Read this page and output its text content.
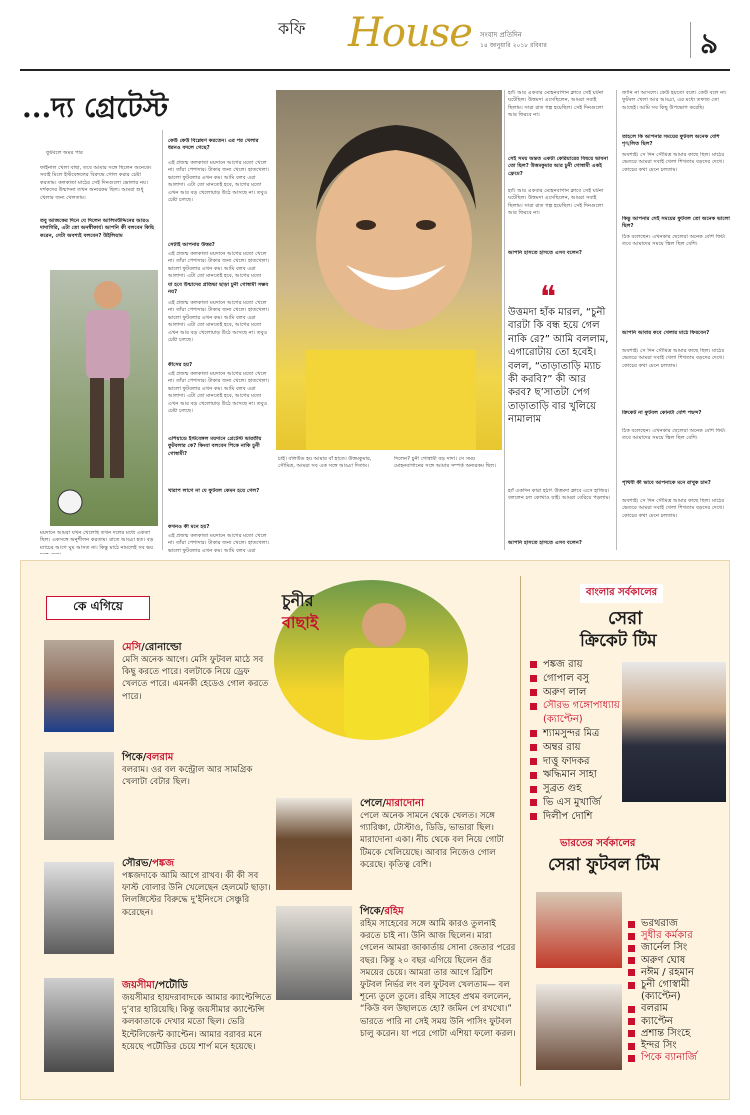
কফি House সংবাদ প্রতিদিন
১৪ জানুয়ারি ২০১৮ রবিবার	৯
...দ্য গ্রেটেস্ট
ফুটবলে অমর পার
তবু আজকের দিনে যে দিলেন আলিমউদ্দিনের আরও দাদাগিরি, এটা তো অনস্বীকার্য। আপনি কী বলবেন কিছি করেন, সেটা অবশ্যই বলবেন? উইলিয়াম
ফাইনাল খেলা বাছা, তবে আমার সঙ্গে ছিলেন অনেকে। সবাই মিলে ইস্টবেঙ্গলের বিরুদ্ধে গোল করার চেষ্টা করতাম। কলকাতা মাঠের সেই দিনগুলো ভোলার নয়। দর্শকদের উন্মাদনা তখন অন্যরকম ছিল। আমরা শুধু খেলার জন্য খেলতাম।
ময়দানে আমরা যখন খেলেছি তখন দলের মধ্যে একতা ছিল। একসঙ্গে অনুশীলন করতাম। রাতে আড্ডা হত। বড় ম্যাচের আগে ঘুম আসত না। কিন্তু মাঠে নামলেই সব ভয়
কেউ কেউ বিশ্লেষণ করতেন। এর পর খেলার ধরনও বদলে গেছে?
এই প্রজন্ম কলকাতা ময়দানে আগের মতো খেলে না। তাঁরা পেশাদার। টাকার জন্য খেলে। হাতখেলা। ভালো ফুটবলার এখন কম। আমি বলব এরা আলাদা। এটা তো মানতেই হবে, আগের মতো এখন আর বড় খেলোয়াড় উঠে আসছে না। তবুও চেষ্টা চলছে।
সেটাই আপনার উত্তর?
এই প্রজন্ম কলকাতা ময়দানে আগের মতো খেলে না। তাঁরা পেশাদার। টাকার জন্য খেলে। হাতখেলা। ভালো ফুটবলার এখন কম। আমি বলব এরা আলাদা। এটা তো মানতেই হবে, আগের মতো
যা হবে উন্মাদের প্রতিভা ছাড়া চুনী গোস্বামী সম্ভব নয়?
এই প্রজন্ম কলকাতা ময়দানে আগের মতো খেলে না। তাঁরা পেশাদার। টাকার জন্য খেলে। হাতখেলা। ভালো ফুটবলার এখন কম। আমি বলব এরা আলাদা। এটা তো মানতেই হবে, আগের মতো এখন আর বড় খেলোয়াড় উঠে আসছে না। তবুও চেষ্টা চলছে।
কীসের হয়?
এই প্রজন্ম কলকাতা ময়দানে আগের মতো খেলে না। তাঁরা পেশাদার। টাকার জন্য খেলে। হাতখেলা। ভালো ফুটবলার এখন কম। আমি বলব এরা আলাদা। এটা তো মানতেই হবে, আগের মতো এখন আর বড় খেলোয়াড় উঠে আসছে না। তবুও চেষ্টা চলছে।
এশিয়াডে ইস্টবেঙ্গল ময়দানে গ্রেটেস্ট ভারতীয় ফুটবলার কে? কিংবা বলবেন পিকে নাকি চুনী গোস্বামী?
খারাপ লাগে না যে ফুটবল কেমন হয়ে গেল?
কখনও কী মনে হয়?
এই প্রজন্ম কলকাতা ময়দানে আগের মতো খেলে না। তাঁরা পেশাদার। টাকার জন্য খেলে। হাতখেলা। ভালো ফুটবলার এখন কম। আমি বলব এরা
চাই। বলিউড হয় আমার বাঁ হাতে। উত্তমকুমার, সৌমিত্র, আমরা সব এক সঙ্গে আড্ডা দিতাম।
দিলেন? চুনী গোস্বামী বড় দাদা। সে সময় মোহনবাগানের সঙ্গে আমার সম্পর্ক অন্যরকম ছিল।
হ্যাঁ। আর একবার মোহনবাগান ক্লাবে সেই ঘটনা ঘটেছিল। উত্তমদা এসেছিলেন, আমরা সবাই ছিলাম। সারা রাত গল্প হয়েছিল। সেই দিনগুলো আর ফিরবে না।
সেই সময় অন্তত একটা কেরিয়ারের বিষয়ে ভাবনা তো ছিল? উত্তমকুমার আর চুনী গোস্বামী একই ফ্রেমে?
হ্যাঁ। আর একবার মোহনবাগান ক্লাবে সেই ঘটনা ঘটেছিল। উত্তমদা এসেছিলেন, আমরা সবাই ছিলাম। সারা রাত গল্প হয়েছিল। সেই দিনগুলো আর ফিরবে না।
আপনি হাসতে হাসতে এসব বলেন?
❝
উত্তমদা হাঁক মারল, “চুনী বারটা কি বন্ধ হয়ে গেল নাকি রে?” আমি বললাম, এগারোটায় তো হবেই। বলল, “তাড়াতাড়ি ম্যাচ কী করবি?” কী আর করব? ছ’সাতটা পেগ তাড়াতাড়ি বার খুলিয়ে নামালাম
হ্যাঁ একদিন কারা হঠাৎ উত্তমদা ক্লাবে এসে হাজির। বললেন চল কোথাও যাই। আমরা বেরিয়ে পড়লাম।
আপনি হাসতে হাসতে এসব বলেন?
জানি না আসলে। কেউ হয়তো বলে। কেউ বলে না। ফুটবল খেলা আর আড্ডা, এর মধ্যে তফাত তো আছেই। আমি সব কিছু উপভোগ করেছি।
তাহলে কি আপনার সময়ের ফুটবল অনেক বেশি শৃঙ্খলিত ছিল?
অবশ্যই। সে দিন সৌমিত্র আমার কাছে ছিল। মাঠের ভেতরে আমরা সবাই খেলা শিখতাম বড়দের দেখে। কোচের কথা মেনে চলতাম।
কিন্তু আপনার সেই সময়ের ফুটবল তো অনেক ভালো ছিল?
ঠিক বলেছেন। এখনকার ছেলেরা অনেক বেশি ফিট। তবে আমাদের সময়ে স্কিল ছিল বেশি।
আপনি আবার কবে খেলার মাঠে ফিরবেন?
অবশ্যই। সে দিন সৌমিত্র আমার কাছে ছিল। মাঠের ভেতরে আমরা সবাই খেলা শিখতাম বড়দের দেখে। কোচের কথা মেনে চলতাম।
ক্রিকেট না ফুটবল কোনটা বেশি পছন্দ?
ঠিক বলেছেন। এখনকার ছেলেরা অনেক বেশি ফিট। তবে আমাদের সময়ে স্কিল ছিল বেশি।
পৃথিবী কী ভাবে আপনাকে মনে রাখুক চান?
অবশ্যই। সে দিন সৌমিত্র আমার কাছে ছিল। মাঠের ভেতরে আমরা সবাই খেলা শিখতাম বড়দের দেখে। কোচের কথা মেনে চলতাম।
কে এগিয়ে	চুনীর
বাছাই
মেসি/রোনাল্ডো
মেসি অনেক আগে। মেসি ফুটবল মাঠে সব কিছু করতে পারে। বলটাকে নিয়ে ড্রেফ খেলতে পারে। এমনকী হেডেও গোল করতে পারে।
পিকে/বলরাম
বলরাম। ওর বল কন্ট্রোল আর সামগ্রিক খেলাটা বেটার ছিল।
সৌরভ/পঙ্কজ
পঙ্কজদাকে আমি আগে রাখব। কী কী সব ফাস্ট বোলার উনি খেলেছেন হেলমেট ছাড়া। লিলঙ্গিস্টের বিরুদ্ধে দু’ইনিংসে সেঞ্চুরি করেছেন।
জয়সীমা/পটৌডি
জয়সীমার হায়দরাবাদকে আমার ক্যাপ্টেন্সিতে দু’বার হারিয়েছি। কিন্তু জয়সীমার ক্যাপ্টেন্সি কলকাতাকে দেখার মতো ছিল। ভেরি ইন্টেলিজেন্ট ক্যাপ্টেন। আমার বরাবর মনে হয়েছে পটৌডির চেয়ে শার্প মনে হয়েছে।
পেলে/মারাদোনা
পেলে অনেক সামনে থেকে খেলত। সঙ্গে গ্যারিঞ্চা, টোস্টাও, ডিডি, ভাভারা ছিল। মারাদোনা একা। নীচ থেকে বল নিয়ে গোটা টিমকে খেলিয়েছে। আবার নিজেও গোল করেছে। কৃতিত্ব বেশি।
পিকে/রহিম
রহিম সাহেবের সঙ্গে আমি কারও তুলনাই করতে চাই না। উনি আজ ছিলেন। মারা গেলেন আমরা জাকার্তায় সোনা জেতার পরের বছর। কিন্তু ২০ বছর এগিয়ে ছিলেন ওঁর সময়ের চেয়ে। আমরা তার আগে ব্রিটিশ ফুটবল নির্ভর লং বল ফুটবল খেলতাম— বল শূন্যে তুলে তুলে। রহিম সাহেব প্রথম বললেন, “কিউ বল উছালতে হো? জমিন পে রখখো।” ভারতে পারি না সেই সময় উনি পাসিং ফুটবল চালু করেন। যা পরে গোটা এশিয়া ফলো করল।
বাংলার সর্বকালের
সেরা
ক্রিকেট টিম
পঙ্কজ রায়
গোপাল বসু
অরুণ লাল
সৌরভ গঙ্গোপাধ্যায় (ক্যাপ্টেন)
শ্যামসুন্দর মিত্র
অম্বর রায়
দাত্তু ফাদকর
ঋদ্ধিমান সাহা
সুব্রত গুহ
ভি এস মুখার্জি
দিলীপ দোশি
ভারতের সর্বকালের
সেরা ফুটবল টিম
ভরথরাজ
সুধীর কর্মকার
জার্নেল সিং
অরুণ ঘোষ
নঈম / রহমান
চুনী গোস্বামী (ক্যাপ্টেন)
বলরাম
ক্যাপ্টেন
প্রশান্ত সিংহে
ইন্দর সিং
পিকে ব্যানার্জি
